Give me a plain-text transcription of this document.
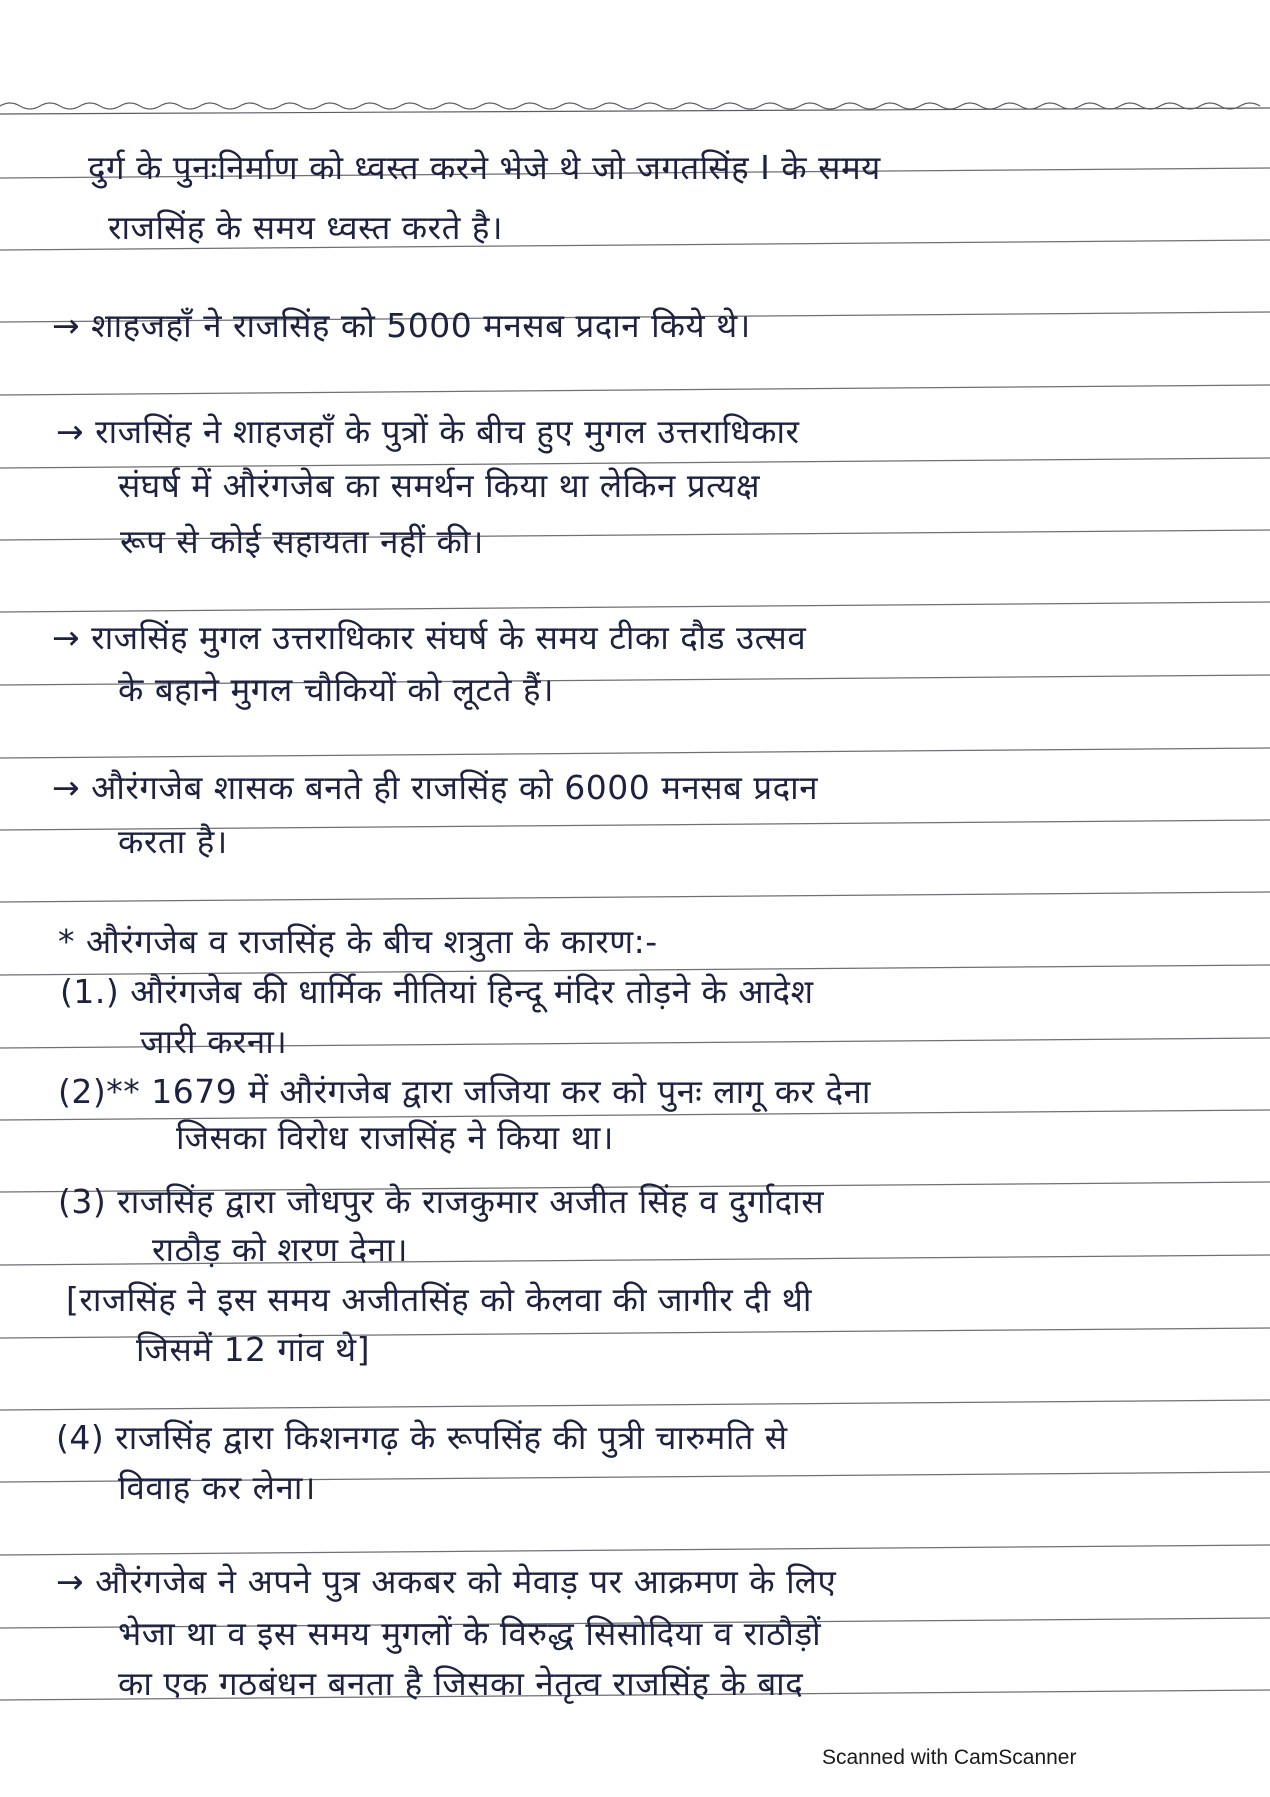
दुर्ग के पुनःनिर्माण को ध्वस्त करने भेजे थे जो जगतसिंह I के समय
राजसिंह के समय ध्वस्त करते है।
→ शाहजहाँ ने राजसिंह को 5000 मनसब प्रदान किये थे।
→ राजसिंह ने शाहजहाँ के पुत्रों के बीच हुए मुगल उत्तराधिकार
संघर्ष में औरंगजेब का समर्थन किया था लेकिन प्रत्यक्ष
रूप से कोई सहायता नहीं की।
→ राजसिंह मुगल उत्तराधिकार संघर्ष के समय टीका दौड उत्सव
के बहाने मुगल चौकियों को लूटते हैं।
→ औरंगजेब शासक बनते ही राजसिंह को 6000 मनसब प्रदान
करता है।
* औरंगजेब व राजसिंह के बीच शत्रुता के कारण:-
(1.) औरंगजेब की धार्मिक नीतियां हिन्दू मंदिर तोड़ने के आदेश
जारी करना।
(2)** 1679 में औरंगजेब द्वारा जजिया कर को पुनः लागू कर देना
जिसका विरोध राजसिंह ने किया था।
(3) राजसिंह द्वारा जोधपुर के राजकुमार अजीत सिंह व दुर्गादास
राठौड़ को शरण देना।
[राजसिंह ने इस समय अजीतसिंह को केलवा की जागीर दी थी
जिसमें 12 गांव थे]
(4) राजसिंह द्वारा किशनगढ़ के रूपसिंह की पुत्री चारुमति से
विवाह कर लेना।
→ औरंगजेब ने अपने पुत्र अकबर को मेवाड़ पर आक्रमण के लिए
भेजा था व इस समय मुगलों के विरुद्ध सिसोदिया व राठौड़ों
का एक गठबंधन बनता है जिसका नेतृत्व राजसिंह के बाद
Scanned with CamScanner
